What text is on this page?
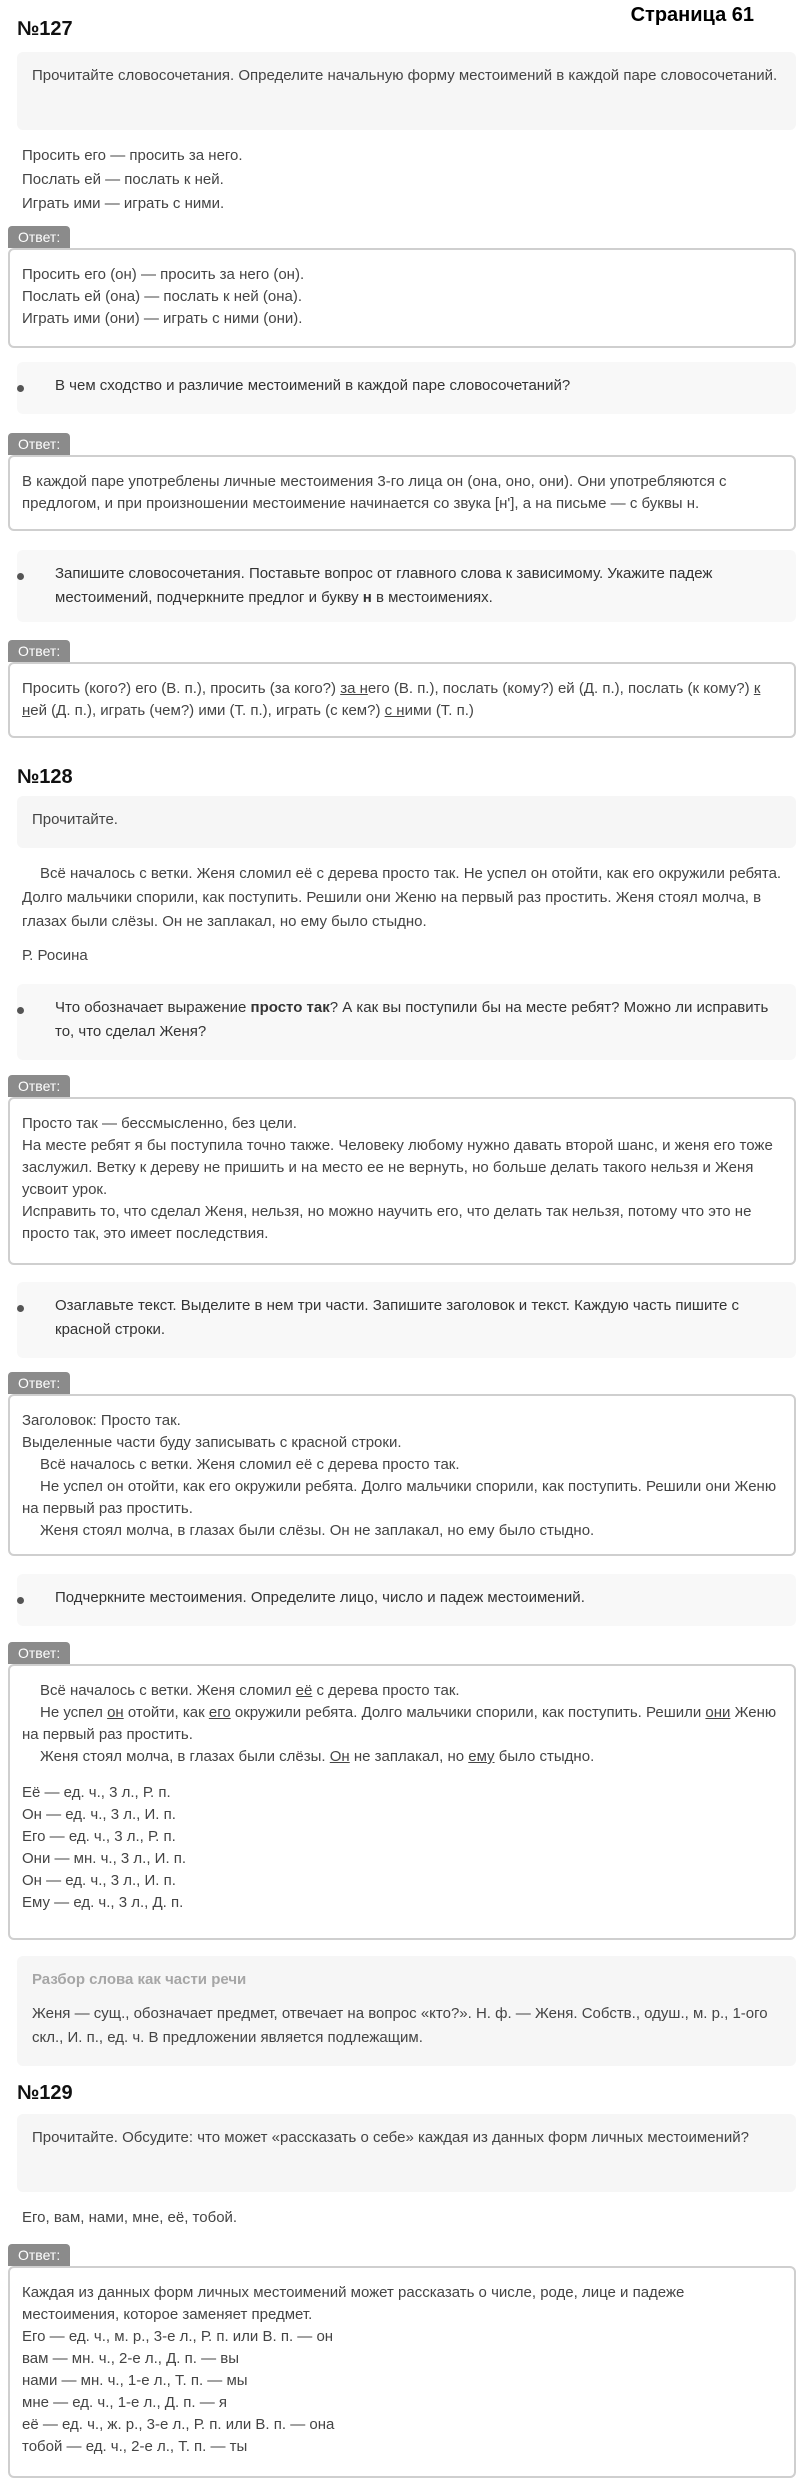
Страница 61
№127
Прочитайте словосочетания. Определите начальную форму местоимений в каждой паре словосочетаний.
Просить его — просить за него.
Послать ей — послать к ней.
Играть ими — играть с ними.
Ответ:
Просить его (он) — просить за него (он).
Послать ей (она) — послать к ней (она).
Играть ими (они) — играть с ними (они).
В чем сходство и различие местоимений в каждой паре словосочетаний?
Ответ:
В каждой паре употреблены личные местоимения 3-го лица он (она, оно, они). Они употребляются с предлогом, и при произношении местоимение начинается со звука [н'], а на письме — с буквы н.
Запишите словосочетания. Поставьте вопрос от главного слова к зависимому. Укажите падеж местоимений, подчеркните предлог и букву н в местоимениях.
Ответ:
Просить (кого?) его (В. п.), просить (за кого?) за него (В. п.), послать (кому?) ей (Д. п.), послать (к кому?) к ней (Д. п.), играть (чем?) ими (Т. п.), играть (с кем?) с ними (Т. п.)
№128
Прочитайте.
Всё началось с ветки. Женя сломил её с дерева просто так. Не успел он отойти, как его окружили ребята. Долго мальчики спорили, как поступить. Решили они Женю на первый раз простить. Женя стоял молча, в глазах были слёзы. Он не заплакал, но ему было стыдно.
Р. Росина
Что обозначает выражение просто так? А как вы поступили бы на месте ребят? Можно ли исправить то, что сделал Женя?
Ответ:
Просто так — бессмысленно, без цели.
На месте ребят я бы поступила точно также. Человеку любому нужно давать второй шанс, и женя его тоже заслужил. Ветку к дереву не пришить и на место ее не вернуть, но больше делать такого нельзя и Женя усвоит урок.
Исправить то, что сделал Женя, нельзя, но можно научить его, что делать так нельзя, потому что это не просто так, это имеет последствия.
Озаглавьте текст. Выделите в нем три части. Запишите заголовок и текст. Каждую часть пишите с красной строки.
Ответ:
Заголовок: Просто так.
Выделенные части буду записывать с красной строки.
Всё началось с ветки. Женя сломил её с дерева просто так.
Не успел он отойти, как его окружили ребята. Долго мальчики спорили, как поступить. Решили они Женю на первый раз простить.
Женя стоял молча, в глазах были слёзы. Он не заплакал, но ему было стыдно.
Подчеркните местоимения. Определите лицо, число и падеж местоимений.
Ответ:
Всё началось с ветки. Женя сломил её с дерева просто так.
Не успел он отойти, как его окружили ребята. Долго мальчики спорили, как поступить. Решили они Женю на первый раз простить.
Женя стоял молча, в глазах были слёзы. Он не заплакал, но ему было стыдно.
Её — ед. ч., 3 л., Р. п.
Он — ед. ч., 3 л., И. п.
Его — ед. ч., 3 л., Р. п.
Они — мн. ч., 3 л., И. п.
Он — ед. ч., 3 л., И. п.
Ему — ед. ч., 3 л., Д. п.
Разбор слова как части речи
Женя — сущ., обозначает предмет, отвечает на вопрос «кто?». Н. ф. — Женя. Собств., одуш., м. р., 1-ого скл., И. п., ед. ч. В предложении является подлежащим.
№129
Прочитайте. Обсудите: что может «рассказать о себе» каждая из данных форм личных местоимений?
Его, вам, нами, мне, её, тобой.
Ответ:
Каждая из данных форм личных местоимений может рассказать о числе, роде, лице и падеже местоимения, которое заменяет предмет.
Его — ед. ч., м. р., 3-е л., Р. п. или В. п. — он
вам — мн. ч., 2-е л., Д. п. — вы
нами — мн. ч., 1-е л., Т. п. — мы
мне — ед. ч., 1-е л., Д. п. — я
её — ед. ч., ж. р., 3-е л., Р. п. или В. п. — она
тобой — ед. ч., 2-е л., Т. п. — ты
